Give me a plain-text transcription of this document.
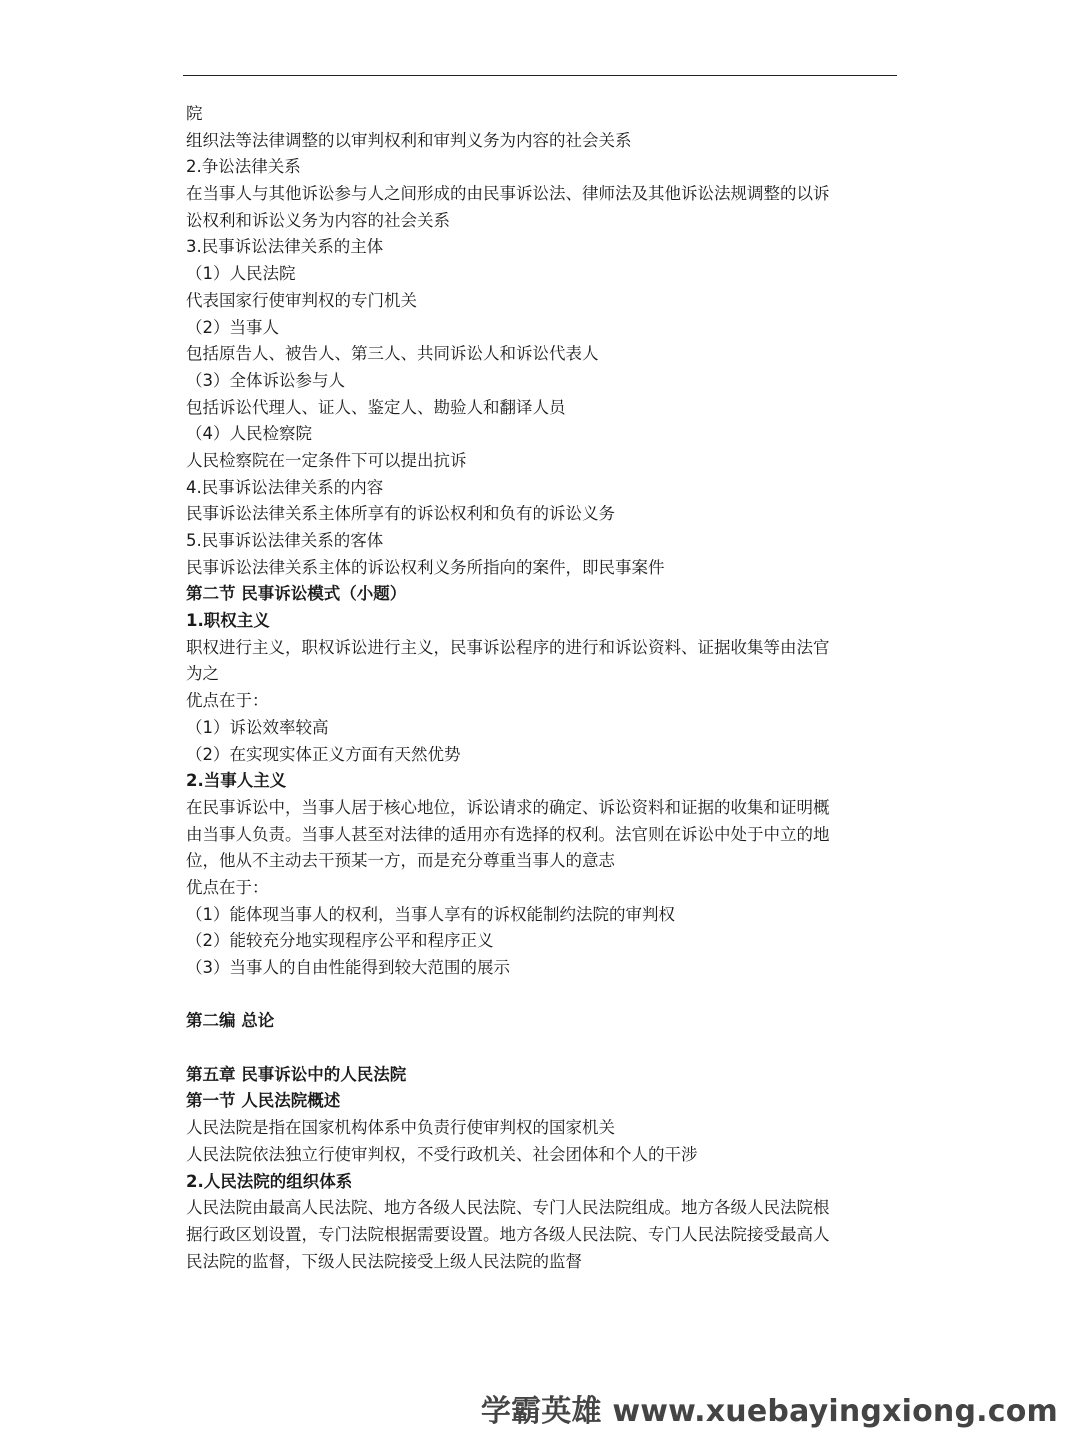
院
组织法等法律调整的以审判权利和审判义务为内容的社会关系
2.争讼法律关系
在当事人与其他诉讼参与人之间形成的由民事诉讼法、律师法及其他诉讼法规调整的以诉
讼权利和诉讼义务为内容的社会关系
3.民事诉讼法律关系的主体
（1）人民法院
代表国家行使审判权的专门机关
（2）当事人
包括原告人、被告人、第三人、共同诉讼人和诉讼代表人
（3）全体诉讼参与人
包括诉讼代理人、证人、鉴定人、勘验人和翻译人员
（4）人民检察院
人民检察院在一定条件下可以提出抗诉
4.民事诉讼法律关系的内容
民事诉讼法律关系主体所享有的诉讼权利和负有的诉讼义务
5.民事诉讼法律关系的客体
民事诉讼法律关系主体的诉讼权利义务所指向的案件，即民事案件
第二节 民事诉讼模式（小题）
1.职权主义
职权进行主义，职权诉讼进行主义，民事诉讼程序的进行和诉讼资料、证据收集等由法官
为之
优点在于：
（1）诉讼效率较高
（2）在实现实体正义方面有天然优势
2.当事人主义
在民事诉讼中，当事人居于核心地位，诉讼请求的确定、诉讼资料和证据的收集和证明概
由当事人负责。当事人甚至对法律的适用亦有选择的权利。法官则在诉讼中处于中立的地
位，他从不主动去干预某一方，而是充分尊重当事人的意志
优点在于：
（1）能体现当事人的权利，当事人享有的诉权能制约法院的审判权
（2）能较充分地实现程序公平和程序正义
（3）当事人的自由性能得到较大范围的展示
第二编 总论
第五章 民事诉讼中的人民法院
第一节 人民法院概述
人民法院是指在国家机构体系中负责行使审判权的国家机关
人民法院依法独立行使审判权，不受行政机关、社会团体和个人的干涉
2.人民法院的组织体系
人民法院由最高人民法院、地方各级人民法院、专门人民法院组成。地方各级人民法院根
据行政区划设置，专门法院根据需要设置。地方各级人民法院、专门人民法院接受最高人
民法院的监督，下级人民法院接受上级人民法院的监督
学霸英雄 www.xuebayingxiong.com
